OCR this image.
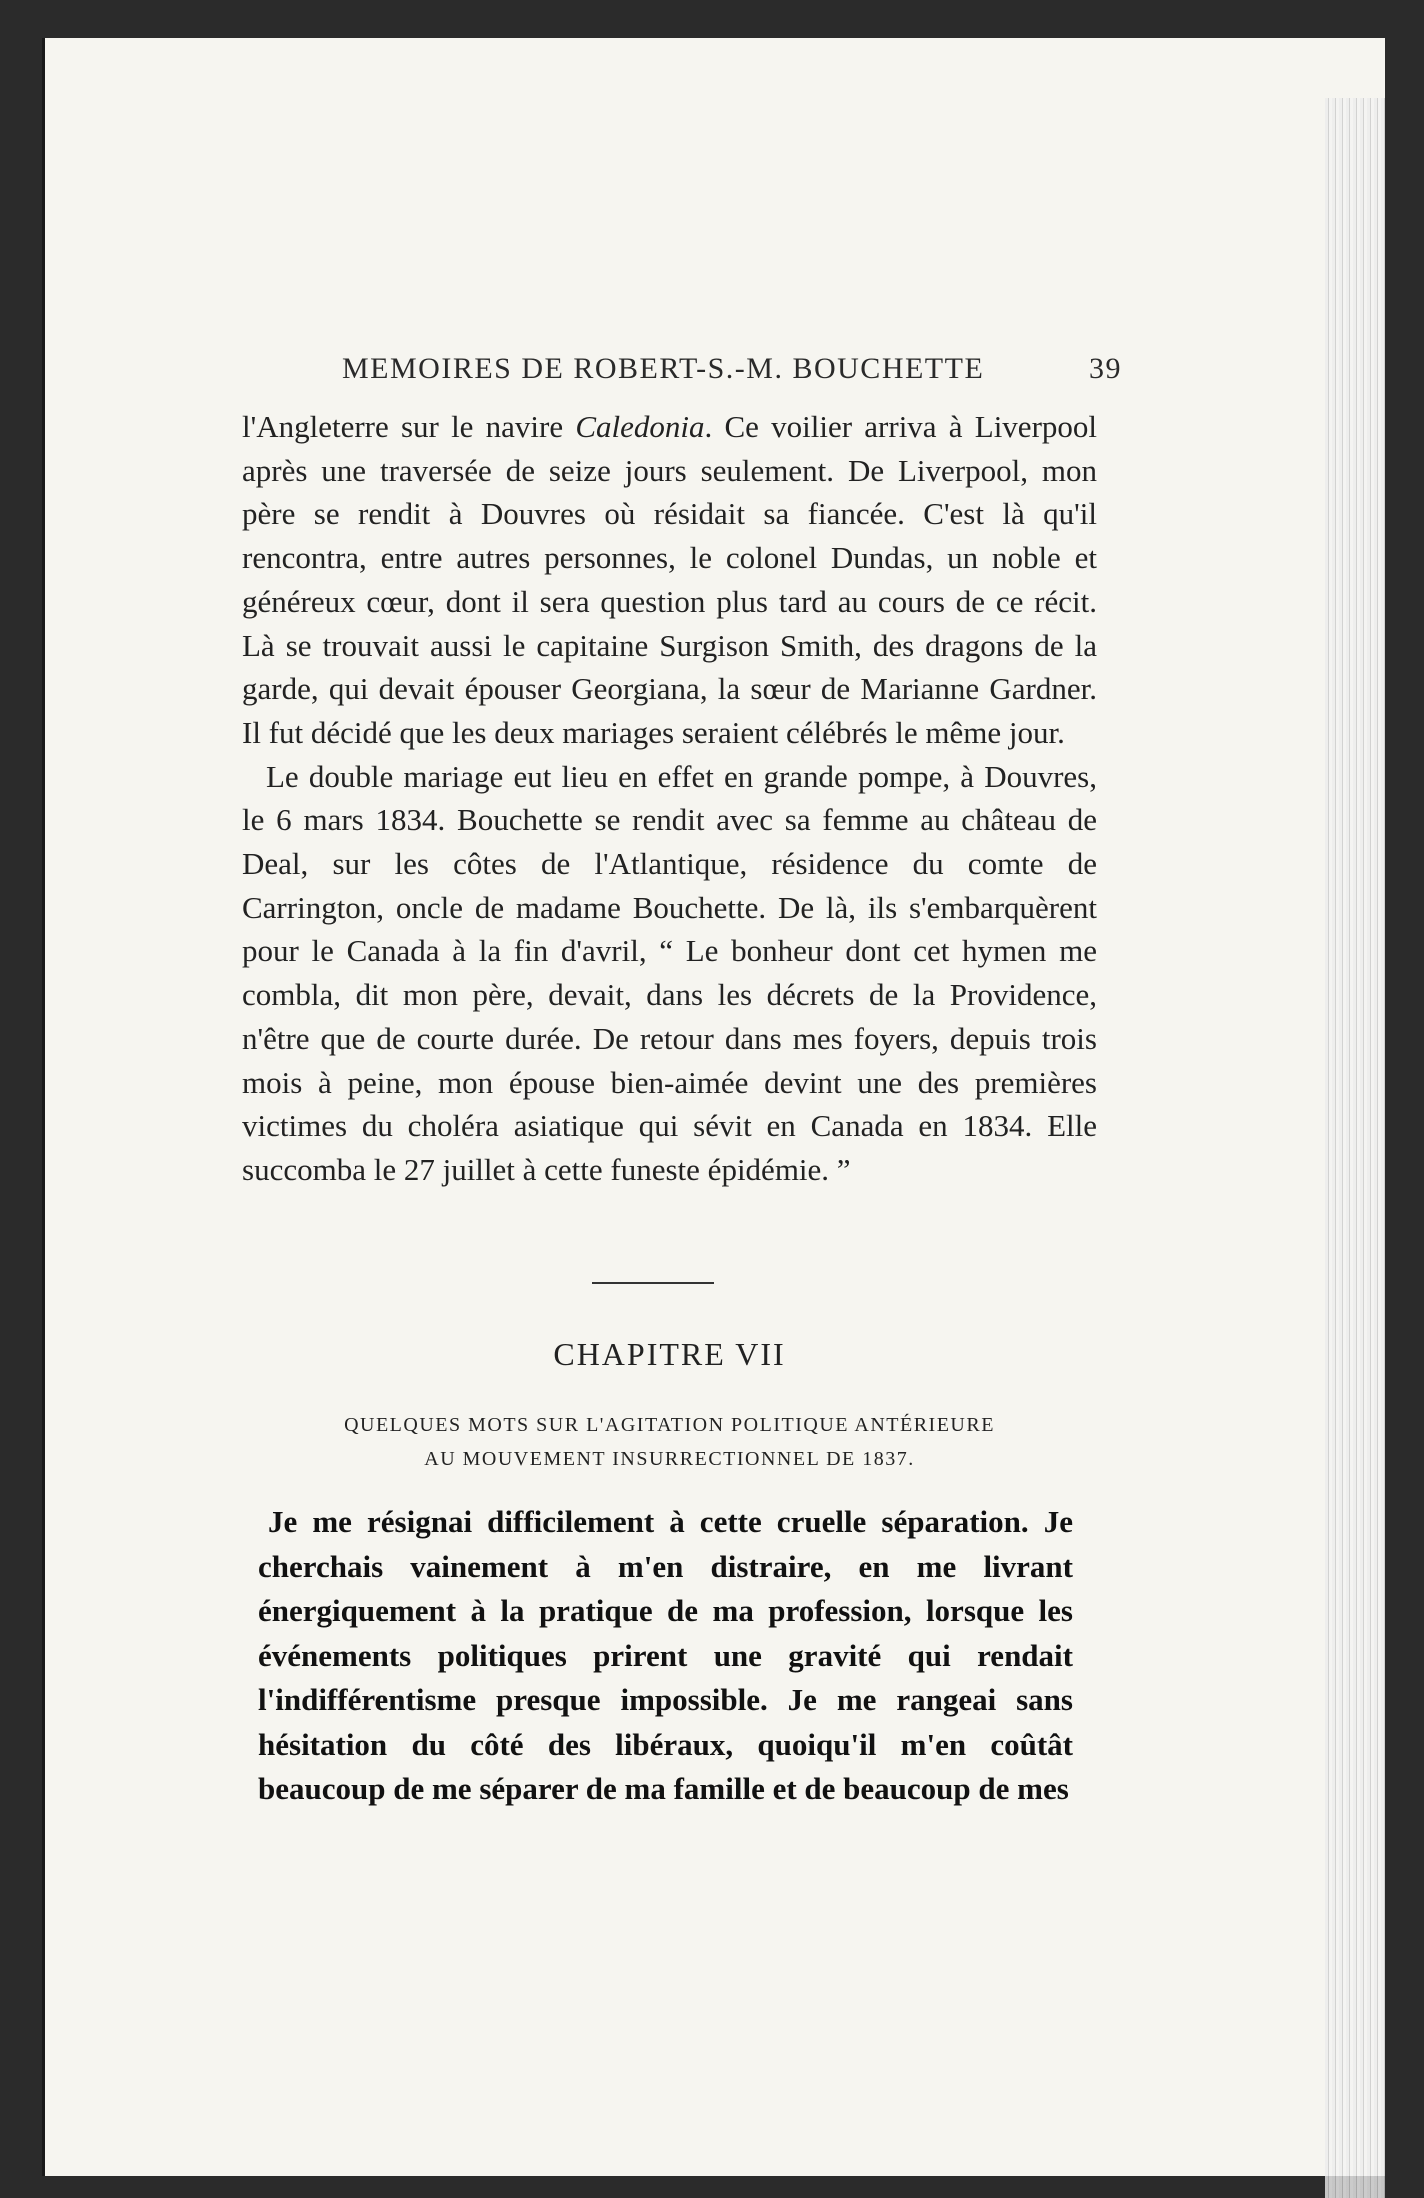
MEMOIRES DE ROBERT-S.-M. BOUCHETTE	39

l'Angleterre sur le navire Caledonia. Ce voilier arriva à Liverpool après une traversée de seize jours seulement. De Liverpool, mon père se rendit à Douvres où résidait sa fiancée. C'est là qu'il rencontra, entre autres personnes, le colonel Dundas, un noble et généreux cœur, dont il sera question plus tard au cours de ce récit. Là se trouvait aussi le capitaine Surgison Smith, des dragons de la garde, qui devait épouser Georgiana, la sœur de Marianne Gardner. Il fut décidé que les deux mariages seraient célébrés le même jour.

Le double mariage eut lieu en effet en grande pompe, à Douvres, le 6 mars 1834. Bouchette se rendit avec sa femme au château de Deal, sur les côtes de l'Atlantique, résidence du comte de Carrington, oncle de madame Bouchette. De là, ils s'embarquèrent pour le Canada à la fin d'avril, “ Le bonheur dont cet hymen me combla, dit mon père, devait, dans les décrets de la Providence, n'être que de courte durée. De retour dans mes foyers, depuis trois mois à peine, mon épouse bien-aimée devint une des premières victimes du choléra asiatique qui sévit en Canada en 1834. Elle succomba le 27 juillet à cette funeste épidémie. ”

CHAPITRE VII
QUELQUES MOTS SUR L'AGITATION POLITIQUE ANTÉRIEURE
AU MOUVEMENT INSURRECTIONNEL DE 1837.

Je me résignai difficilement à cette cruelle séparation. Je cherchais vainement à m'en distraire, en me livrant énergiquement à la pratique de ma profession, lorsque les événements politiques prirent une gravité qui rendait l'indifférentisme presque impossible. Je me rangeai sans hésitation du côté des libéraux, quoiqu'il m'en coûtât beaucoup de me séparer de ma famille et de beaucoup de mes
